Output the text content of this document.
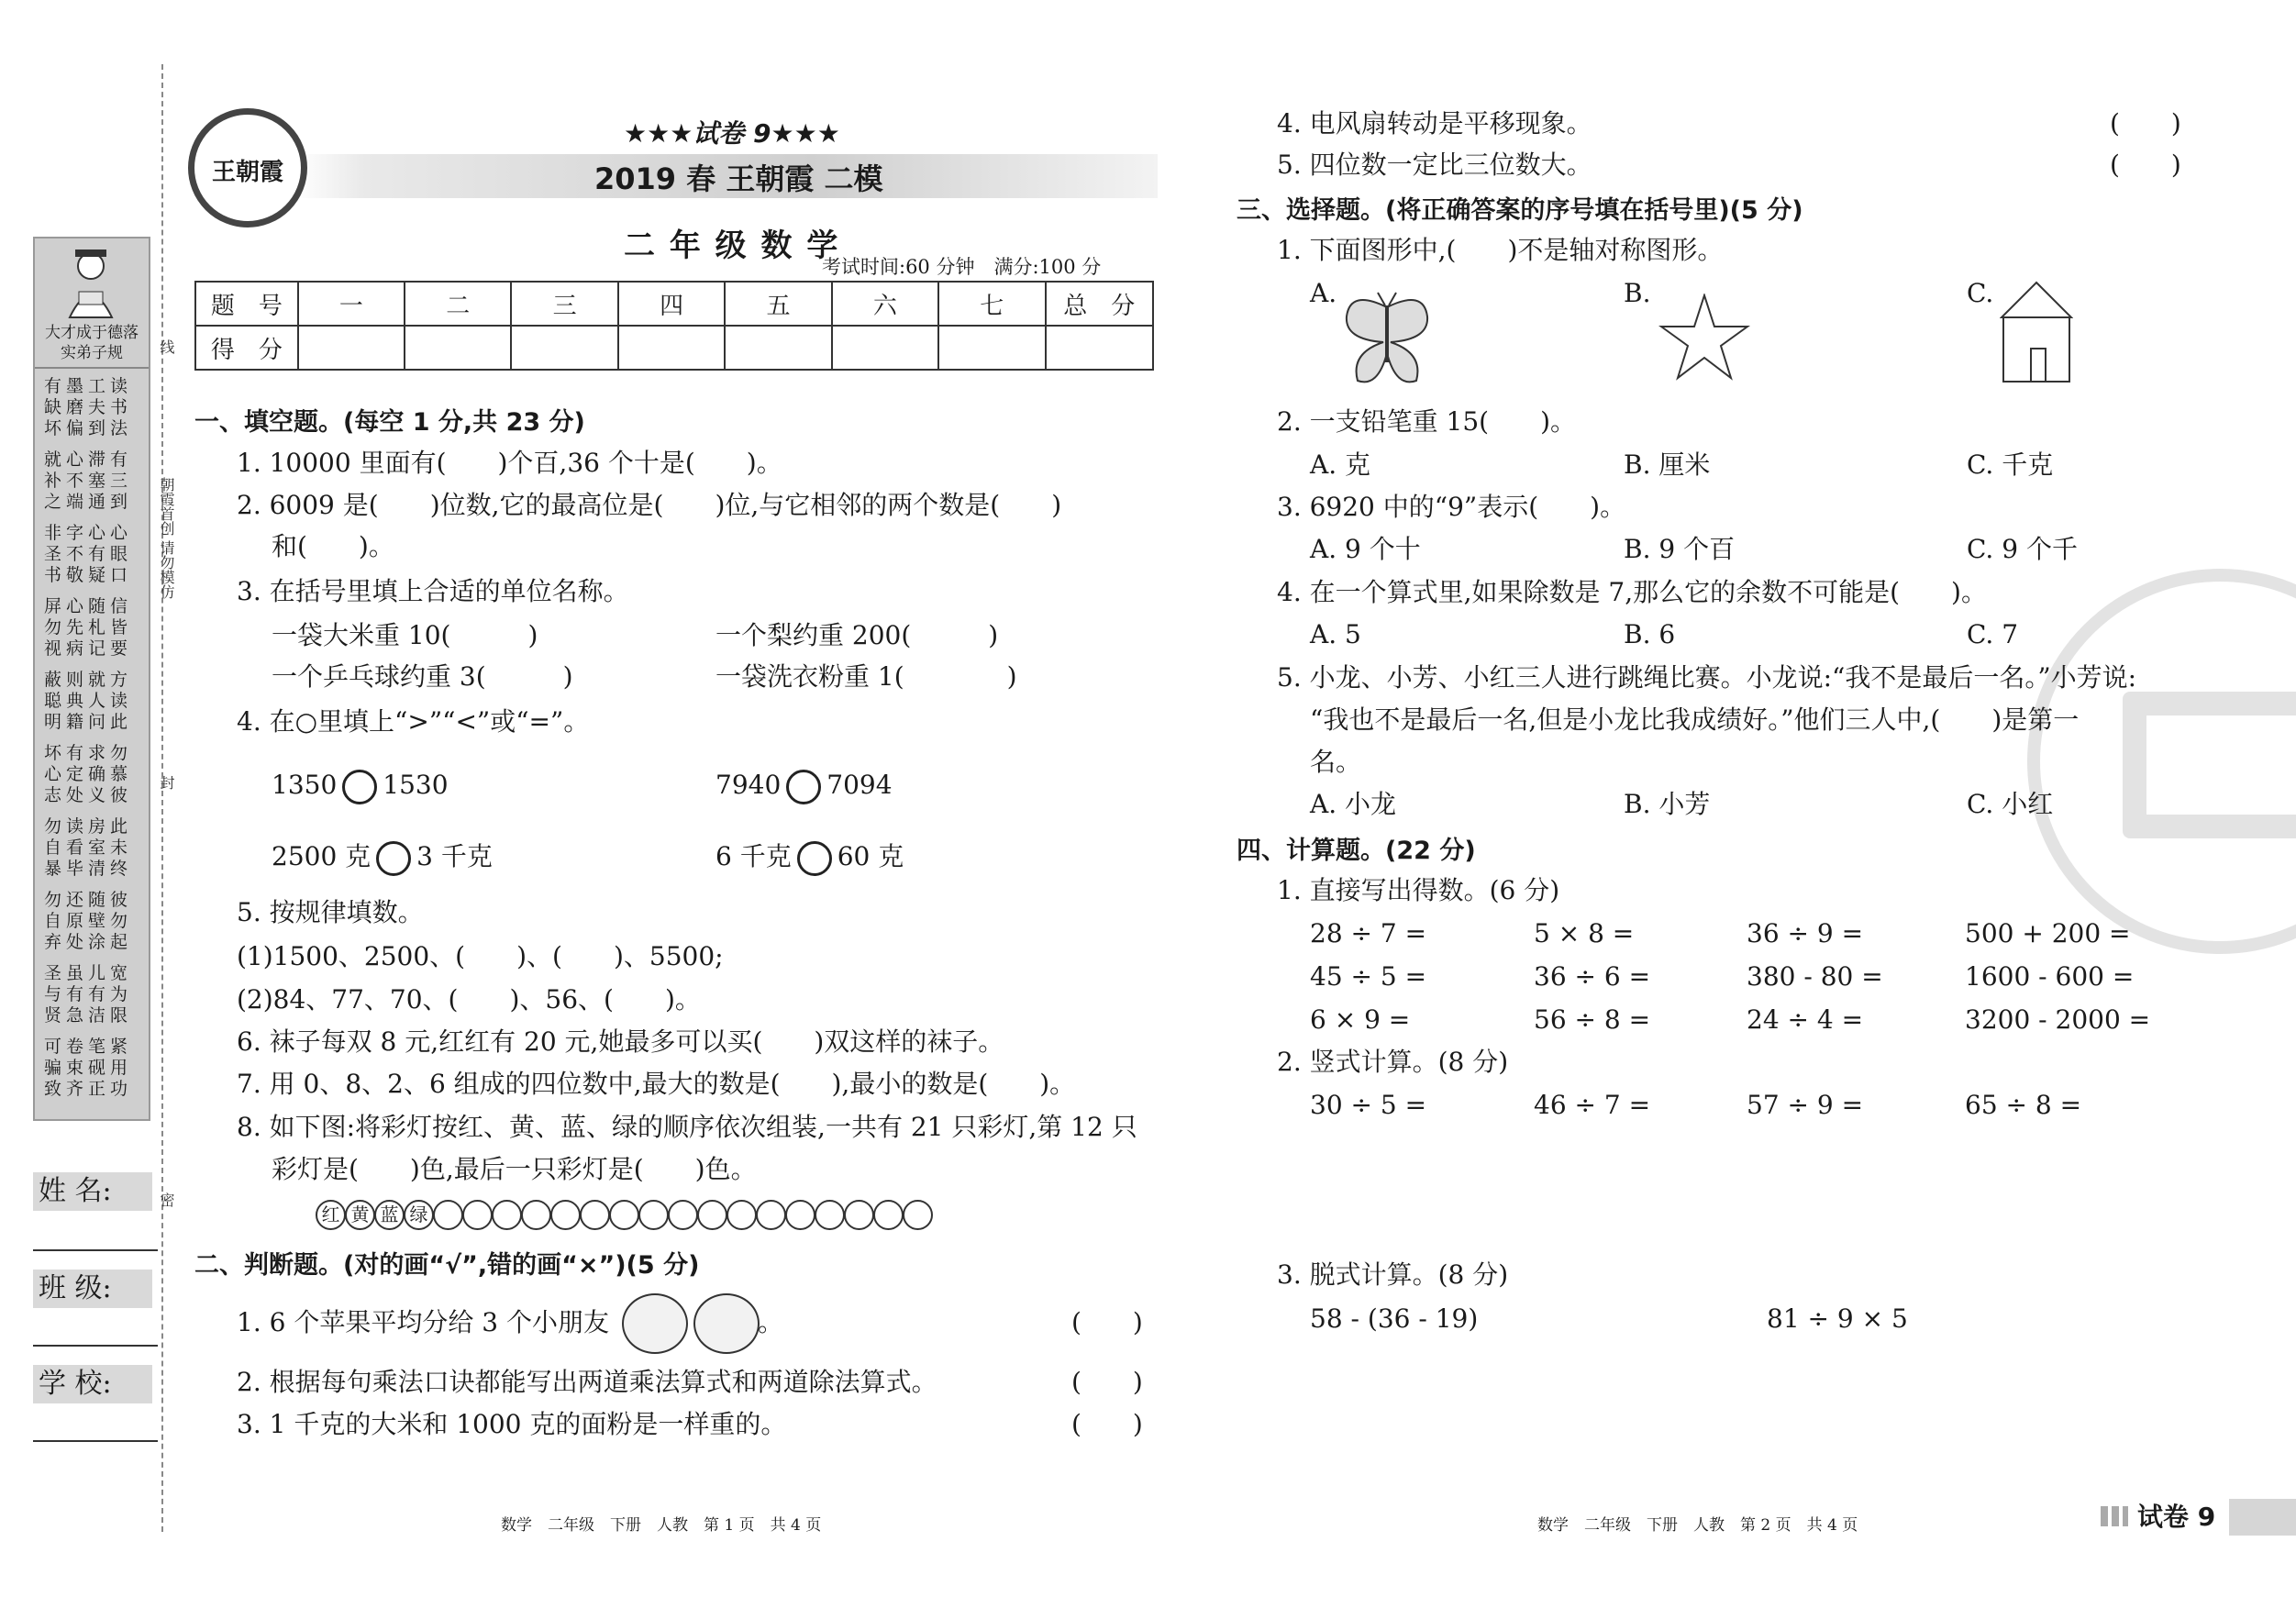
线
朝霞首创 请勿模仿
封
密
大才成于德落实弟子规
有墨工读缺磨夫书坏偏到法
就心滞有补不塞三之端通到
非字心心圣不有眼书敬疑口
屏心随信勿先札皆视病记要
蔽则就方聪典人读明籍问此
坏有求勿心定确慕志处义彼
勿读房此自看室未暴毕清终
勿还随彼自原壁勿弃处涂起
圣虽儿宽与有有为贤急洁限
可卷笔紧骗束砚用致齐正功
姓 名:
班 级:
学 校:
王朝霞
★★★试卷 9★★★
2019 春 王朝霞 二模
二 年 级 数 学
考试时间:60 分钟　满分:100 分
题　号	一	二	三	四	五	六	七	总　分
得　分								
一、填空题。(每空 1 分,共 23 分)
1. 10000 里面有(　　)个百,36 个十是(　　)。
2. 6009 是(　　)位数,它的最高位是(　　)位,与它相邻的两个数是(　　)
和(　　)。
3. 在括号里填上合适的单位名称。
一袋大米重 10(　　　)	一个梨约重 200(　　　)
一个乒乓球约重 3(　　　)	一袋洗衣粉重 1(　　　　)
4. 在○里填上“>”“<”或“=”。
1350 1530	7940 7094
2500 克 3 千克	6 千克 60 克
5. 按规律填数。
(1)1500、2500、(　　)、(　　)、5500;
(2)84、77、70、(　　)、56、(　　)。
6. 袜子每双 8 元,红红有 20 元,她最多可以买(　　)双这样的袜子。
7. 用 0、8、2、6 组成的四位数中,最大的数是(　　),最小的数是(　　)。
8. 如下图:将彩灯按红、黄、蓝、绿的顺序依次组装,一共有 21 只彩灯,第 12 只
彩灯是(　　)色,最后一只彩灯是(　　)色。
红 黄 蓝 绿
二、判断题。(对的画“√”,错的画“×”)(5 分)
1. 6 个苹果平均分给 3 个小朋友	。	(　　)
2. 根据每句乘法口诀都能写出两道乘法算式和两道除法算式。	(　　)
3. 1 千克的大米和 1000 克的面粉是一样重的。	(　　)
4. 电风扇转动是平移现象。	(　　)
5. 四位数一定比三位数大。	(　　)
三、选择题。(将正确答案的序号填在括号里)(5 分)
1. 下面图形中,(　　)不是轴对称图形。
A.	B.	C.
2. 一支铅笔重 15(　　)。
A. 克	B. 厘米	C. 千克
3. 6920 中的“9”表示(　　)。
A. 9 个十	B. 9 个百	C. 9 个千
4. 在一个算式里,如果除数是 7,那么它的余数不可能是(　　)。
A. 5	B. 6	C. 7
5. 小龙、小芳、小红三人进行跳绳比赛。小龙说:“我不是最后一名。”小芳说:
“我也不是最后一名,但是小龙比我成绩好。”他们三人中,(　　)是第一
名。
A. 小龙	B. 小芳	C. 小红
四、计算题。(22 分)
1. 直接写出得数。(6 分)
28 ÷ 7 =	5 × 8 =	36 ÷ 9 =	500 + 200 =
45 ÷ 5 =	36 ÷ 6 =	380 - 80 =	1600 - 600 =
6 × 9 =	56 ÷ 8 =	24 ÷ 4 =	3200 - 2000 =
2. 竖式计算。(8 分)
30 ÷ 5 =	46 ÷ 7 =	57 ÷ 9 =	65 ÷ 8 =
3. 脱式计算。(8 分)
58 - (36 - 19)	81 ÷ 9 × 5
数学　二年级　下册　人教　第 1 页　共 4 页	数学　二年级　下册　人教　第 2 页　共 4 页	试卷 9
